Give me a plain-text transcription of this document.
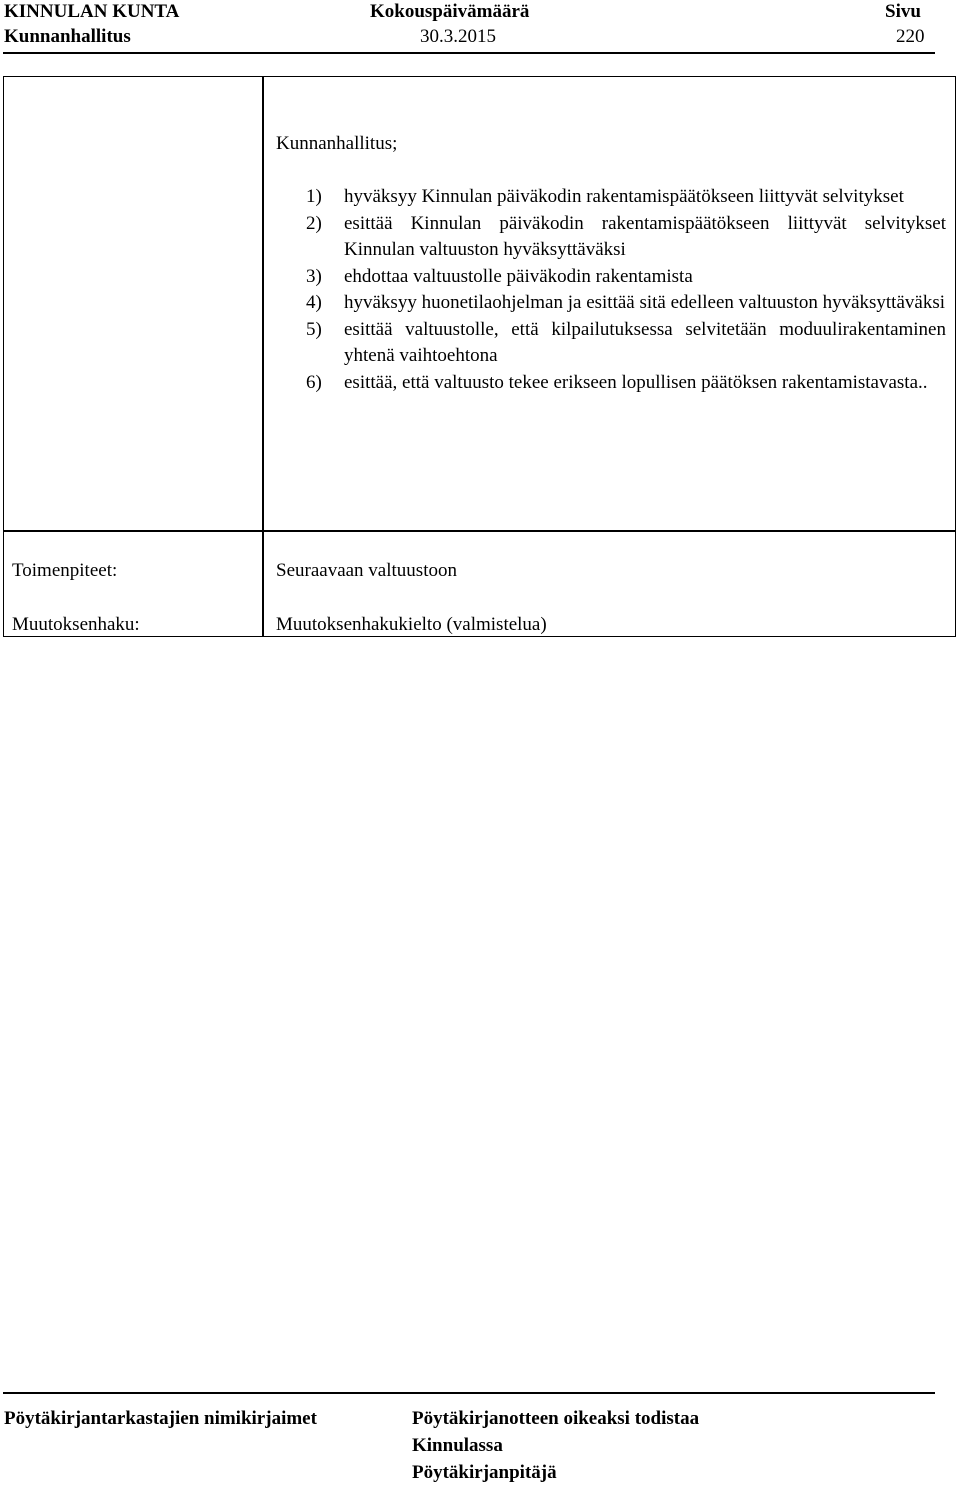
KINNULAN KUNTA
Kunnanhallitus
Kokouspäivämäärä
30.3.2015
Sivu
220
Kunnanhallitus;
1) hyväksyy Kinnulan päiväkodin rakentamispäätökseen liittyvät selvitykset
2) esittää Kinnulan päiväkodin rakentamispäätökseen liittyvät selvitykset Kinnulan valtuuston hyväksyttäväksi
3) ehdottaa valtuustolle päiväkodin rakentamista
4) hyväksyy huonetilaohjelman ja esittää sitä edelleen valtuuston hyväksyttäväksi
5) esittää valtuustolle, että kilpailutuksessa selvitetään moduulirakentaminen yhtenä vaihtoehtona
6) esittää, että valtuusto tekee erikseen lopullisen päätöksen rakentamistavasta..
Toimenpiteet:	Seuraavaan valtuustoon
Muutoksenhaku:	Muutoksenhakukielto (valmistelua)
Pöytäkirjantarkastajien nimikirjaimet	Pöytäkirjanotteen oikeaksi todistaa
Kinnulassa
Pöytäkirjanpitäjä
